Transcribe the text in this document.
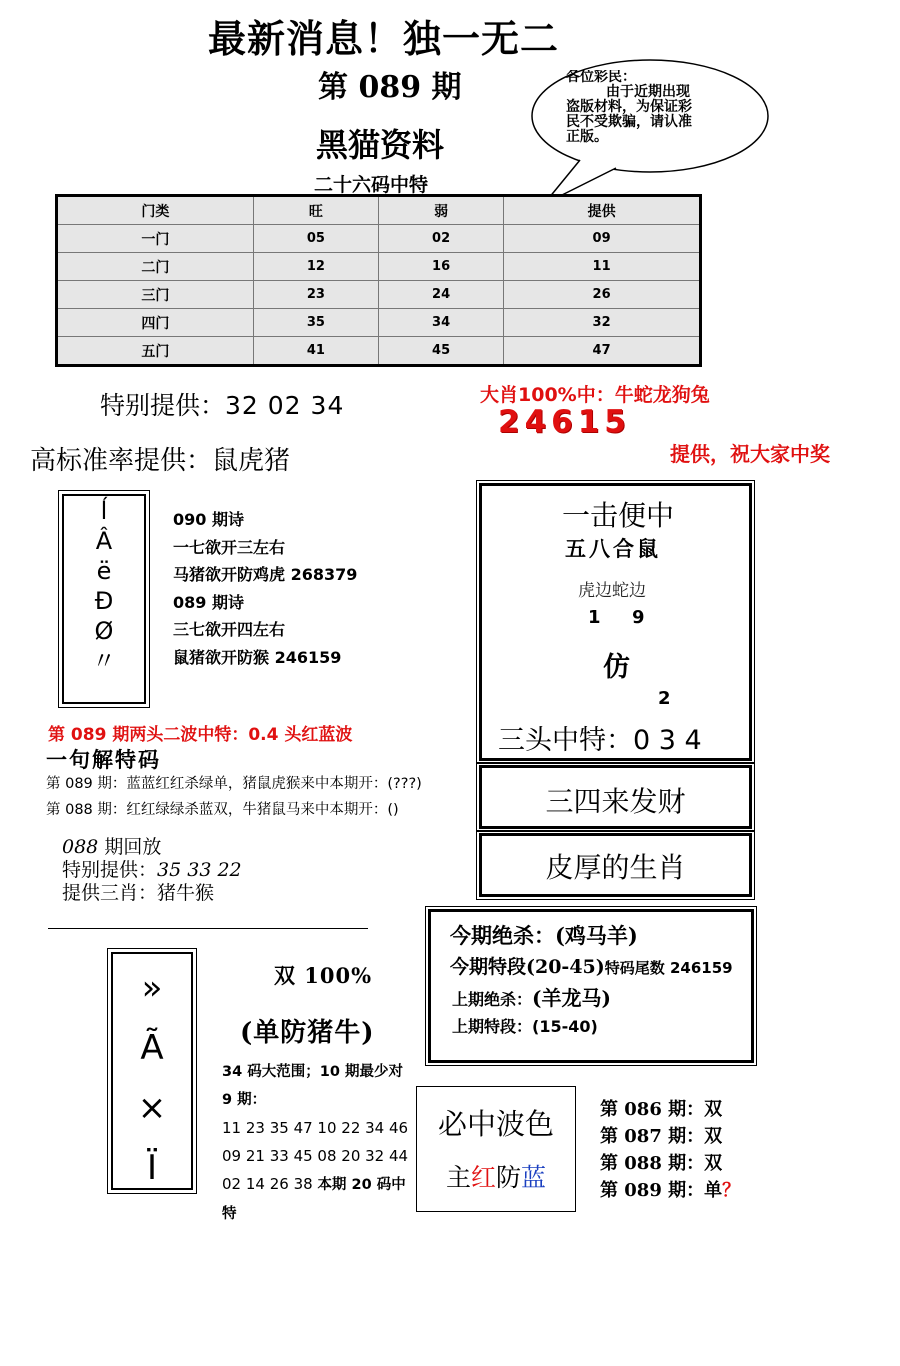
最新消息！独一无二
第 089 期
黑猫资料
二十六码中特
各位彩民：

由于近期出现
盗版材料，为保证彩
民不受欺骗，请认准
正版。
门类	旺	弱	提供
一门	05	02	09
二门	12	16	11
三门	23	24	26
四门	35	34	32
五门	41	45	47
特别提供：32 02 34	大肖100%中：牛蛇龙狗兔
24615
提供，祝大家中奖
高标准率提供：鼠虎猪
ĺ
Â
ë
Ð
Ø
〃
090 期诗
一七欲开三左右
马猪欲开防鸡虎 268379
089 期诗
三七欲开四左右
鼠猪欲开防猴 246159
一击便中
五八合鼠
虎边蛇边
1 9
仿
2
三头中特：0 3 4
三四来发财
皮厚的生肖
第 089 期两头二波中特：0.4 头红蓝波
一句解特码
第 089 期：蓝蓝红红杀绿单，猪鼠虎猴来中本期开：(???)
第 088 期：红红绿绿杀蓝双，牛猪鼠马来中本期开：()
088 期回放
特别提供：35 33 22
提供三肖：猪牛猴
今期绝杀：(鸡马羊)
今期特段(20-45)特码尾数 246159
上期绝杀：(羊龙马)
上期特段：(15-40)
»
Ã
×
Ï
双 100%
(单防猪牛)
34 码大范围；10 期最少对
9 期：
11 23 35 47 10 22 34 46
09 21 33 45 08 20 32 44
02 14 26 38 本期 20 码中
特
必中波色
主红防蓝
第 086 期：双
第 087 期：双
第 088 期：双
第 089 期：单？
